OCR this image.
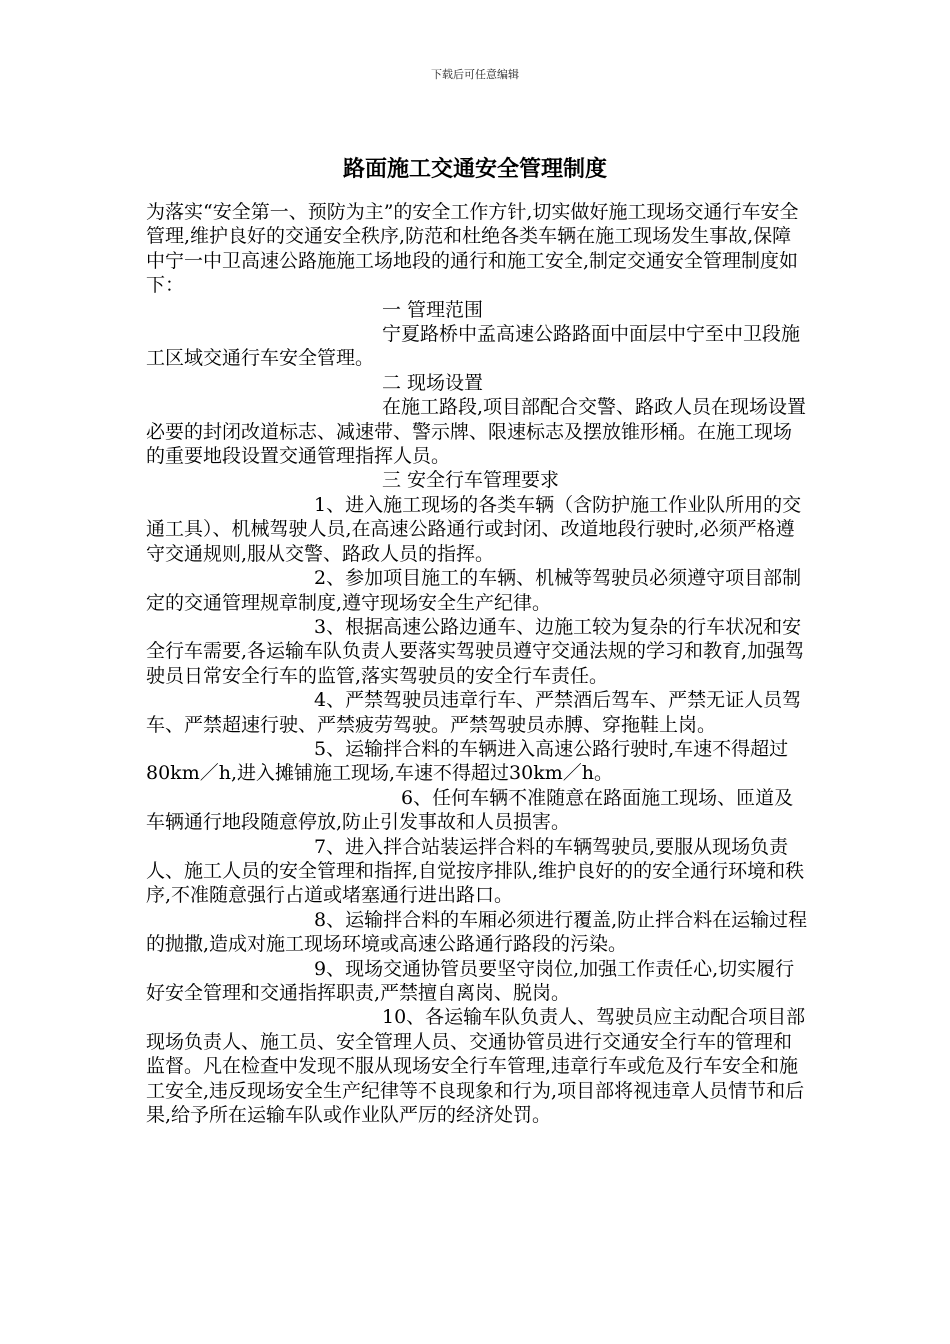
下载后可任意编辑
路面施工交通安全管理制度

为落实“安全第一、预防为主”的安全工作方针,切实做好施工现场交通行车安全管理,维护良好的交通安全秩序,防范和杜绝各类车辆在施工现场发生事故,保障中宁一中卫高速公路施施工场地段的通行和施工安全,制定交通安全管理制度如下：

一 管理范围

宁夏路桥中孟高速公路路面中面层中宁至中卫段施工区域交通行车安全管理。

二 现场设置

在施工路段,项目部配合交警、路政人员在现场设置必要的封闭改道标志、减速带、警示牌、限速标志及摆放锥形桶。在施工现场的重要地段设置交通管理指挥人员。

三 安全行车管理要求

1、进入施工现场的各类车辆（含防护施工作业队所用的交通工具）、机械驾驶人员,在高速公路通行或封闭、改道地段行驶时,必须严格遵守交通规则,服从交警、路政人员的指挥。

2、参加项目施工的车辆、机械等驾驶员必须遵守项目部制定的交通管理规章制度,遵守现场安全生产纪律。

3、根据高速公路边通车、边施工较为复杂的行车状况和安全行车需要,各运输车队负责人要落实驾驶员遵守交通法规的学习和教育,加强驾驶员日常安全行车的监管,落实驾驶员的安全行车责任。

4、严禁驾驶员违章行车、严禁酒后驾车、严禁无证人员驾车、严禁超速行驶、严禁疲劳驾驶。严禁驾驶员赤膊、穿拖鞋上岗。

5、运输拌合料的车辆进入高速公路行驶时,车速不得超过80km／h,进入摊铺施工现场,车速不得超过30km／h。

6、任何车辆不准随意在路面施工现场、匝道及车辆通行地段随意停放,防止引发事故和人员损害。

7、进入拌合站装运拌合料的车辆驾驶员,要服从现场负责人、施工人员的安全管理和指挥,自觉按序排队,维护良好的的安全通行环境和秩序,不准随意强行占道或堵塞通行进出路口。

8、运输拌合料的车厢必须进行覆盖,防止拌合料在运输过程的抛撒,造成对施工现场环境或高速公路通行路段的污染。

9、现场交通协管员要坚守岗位,加强工作责任心,切实履行好安全管理和交通指挥职责,严禁擅自离岗、脱岗。

10、各运输车队负责人、驾驶员应主动配合项目部现场负责人、施工员、安全管理人员、交通协管员进行交通安全行车的管理和监督。凡在检查中发现不服从现场安全行车管理,违章行车或危及行车安全和施工安全,违反现场安全生产纪律等不良现象和行为,项目部将视违章人员情节和后果,给予所在运输车队或作业队严厉的经济处罚。
